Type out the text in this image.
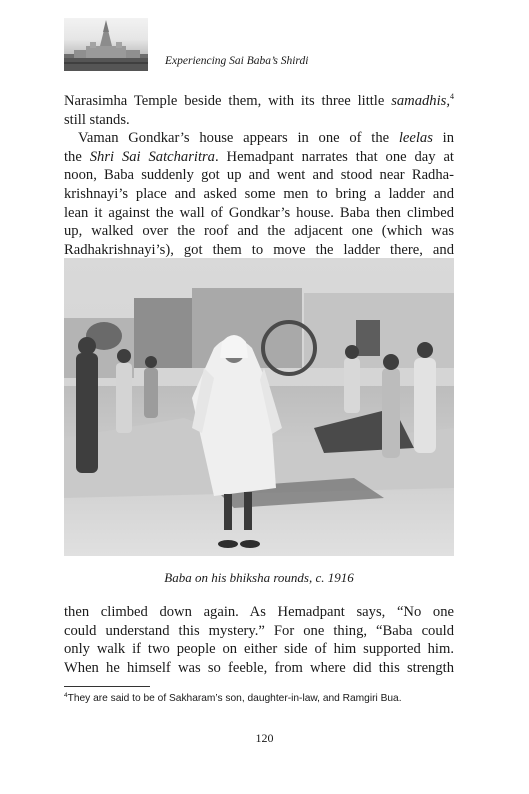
Experiencing Sai Baba’s Shirdi
Narasimha Temple beside them, with its three little samadhis,$^4$
still stands.
Vaman Gondkar’s house appears in one of the leelas in
the Shri Sai Satcharitra. Hemadpant narrates that one day at
noon, Baba suddenly got up and went and stood near Radha-
krishnayi’s place and asked some men to bring a ladder and
lean it against the wall of Gondkar’s house. Baba then climbed
up, walked over the roof and the adjacent one (which was
Radhakrishnayi’s), got them to move the ladder there, and
Baba on his bhiksha rounds, c. 1916
then climbed down again. As Hemadpant says, “No one
could understand this mystery.” For one thing, “Baba could
only walk if two people on either side of him supported him.
When he himself was so feeble, from where did this strength
$^4$They are said to be of Sakharam’s son, daughter-in-law, and Ramgiri Bua.
120
